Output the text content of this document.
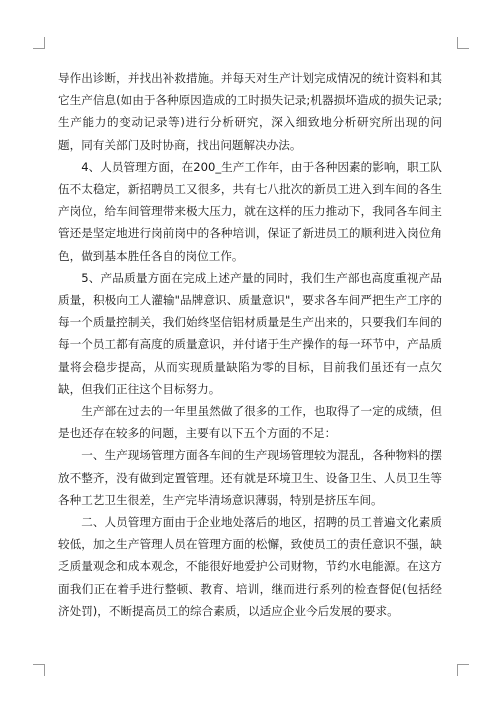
导作出诊断，并找出补救措施。并每天对生产计划完成情况的统计资料和其它生产信息(如由于各种原因造成的工时损失记录;机器损坏造成的损失记录;生产能力的变动记录等)进行分析研究，深入细致地分析研究所出现的问题，同有关部门及时协商，找出问题解决办法。

4、人员管理方面，在200_生产工作年，由于各种因素的影响，职工队伍不太稳定，新招聘员工又很多，共有七八批次的新员工进入到车间的各生产岗位，给车间管理带来极大压力，就在这样的压力推动下，我同各车间主管还是坚定地进行岗前岗中的各种培训，保证了新进员工的顺利进入岗位角色，做到基本胜任各自的岗位工作。

5、产品质量方面在完成上述产量的同时，我们生产部也高度重视产品质量，积极向工人灌输"品牌意识、质量意识"，要求各车间严把生产工序的每一个质量控制关，我们始终坚信铝材质量是生产出来的，只要我们车间的每一个员工都有高度的质量意识，并付诸于生产操作的每一环节中，产品质量将会稳步提高，从而实现质量缺陷为零的目标，目前我们虽还有一点欠缺，但我们正往这个目标努力。

生产部在过去的一年里虽然做了很多的工作，也取得了一定的成绩，但是也还存在较多的问题，主要有以下五个方面的不足：

一、生产现场管理方面各车间的生产现场管理较为混乱，各种物料的摆放不整齐，没有做到定置管理。还有就是环境卫生、设备卫生、人员卫生等各种工艺卫生很差，生产完毕清场意识薄弱，特别是挤压车间。

二、人员管理方面由于企业地处落后的地区，招聘的员工普遍文化素质较低，加之生产管理人员在管理方面的松懈，致使员工的责任意识不强，缺乏质量观念和成本观念，不能很好地爱护公司财物，节约水电能源。在这方面我们正在着手进行整顿、教育、培训，继而进行系列的检查督促(包括经济处罚)，不断提高员工的综合素质，以适应企业今后发展的要求。
